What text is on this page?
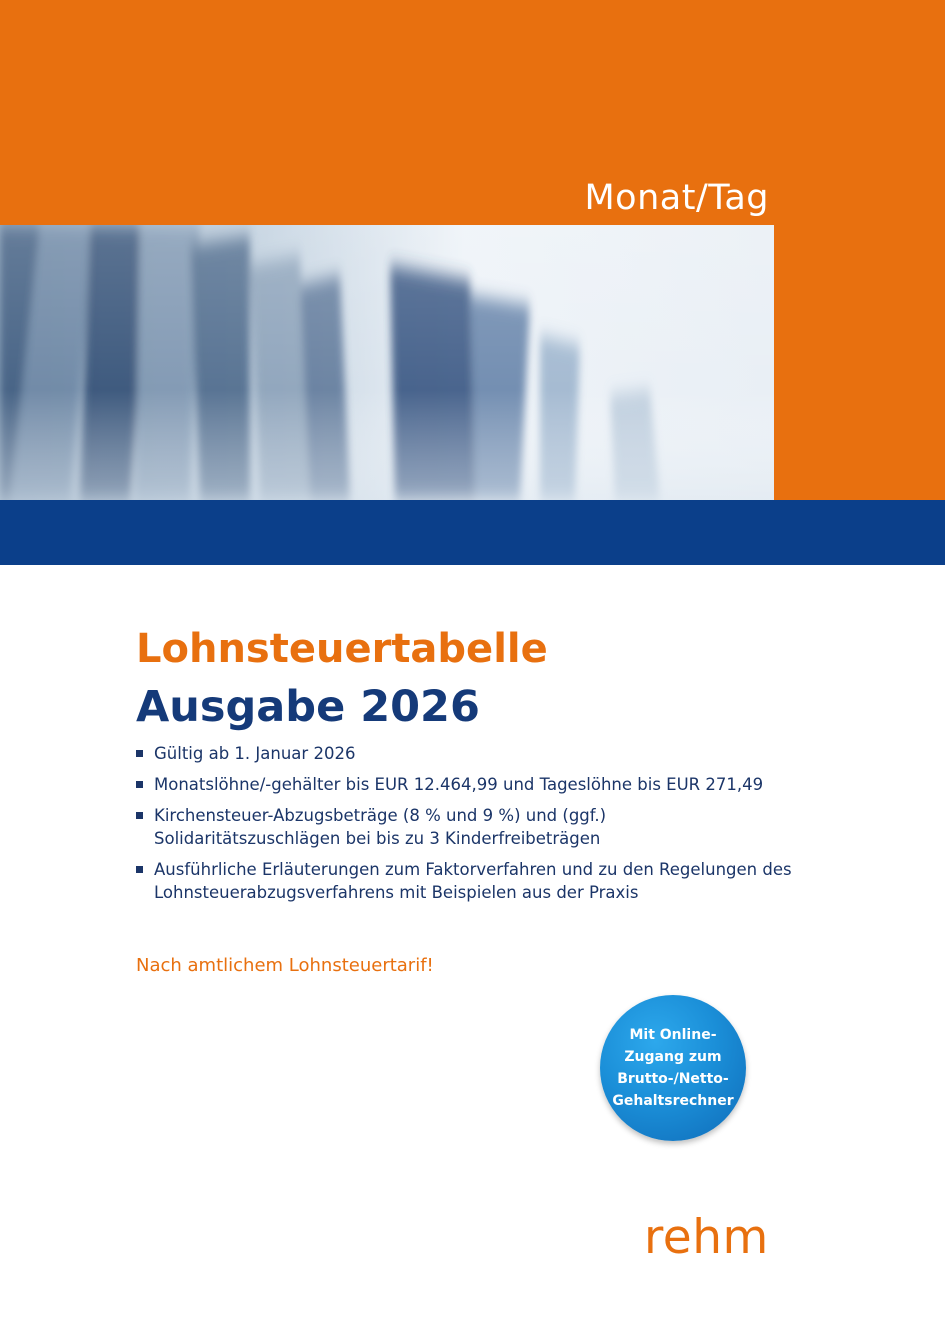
Monat/Tag
Lohnsteuertabelle
Ausgabe 2026
Gültig ab 1. Januar 2026
Monatslöhne/-gehälter bis EUR 12.464,99 und Tageslöhne bis EUR 271,49
Kirchensteuer-Abzugsbeträge (8 % und 9 %) und (ggf.) Solidaritätszuschlägen bei bis zu 3 Kinderfreibeträgen
Ausführliche Erläuterungen zum Faktorverfahren und zu den Regelungen des Lohnsteuerabzugsverfahrens mit Beispielen aus der Praxis
Nach amtlichem Lohnsteuertarif!
Mit Online-
Zugang zum
Brutto-/Netto-
Gehaltsrechner
rehm
